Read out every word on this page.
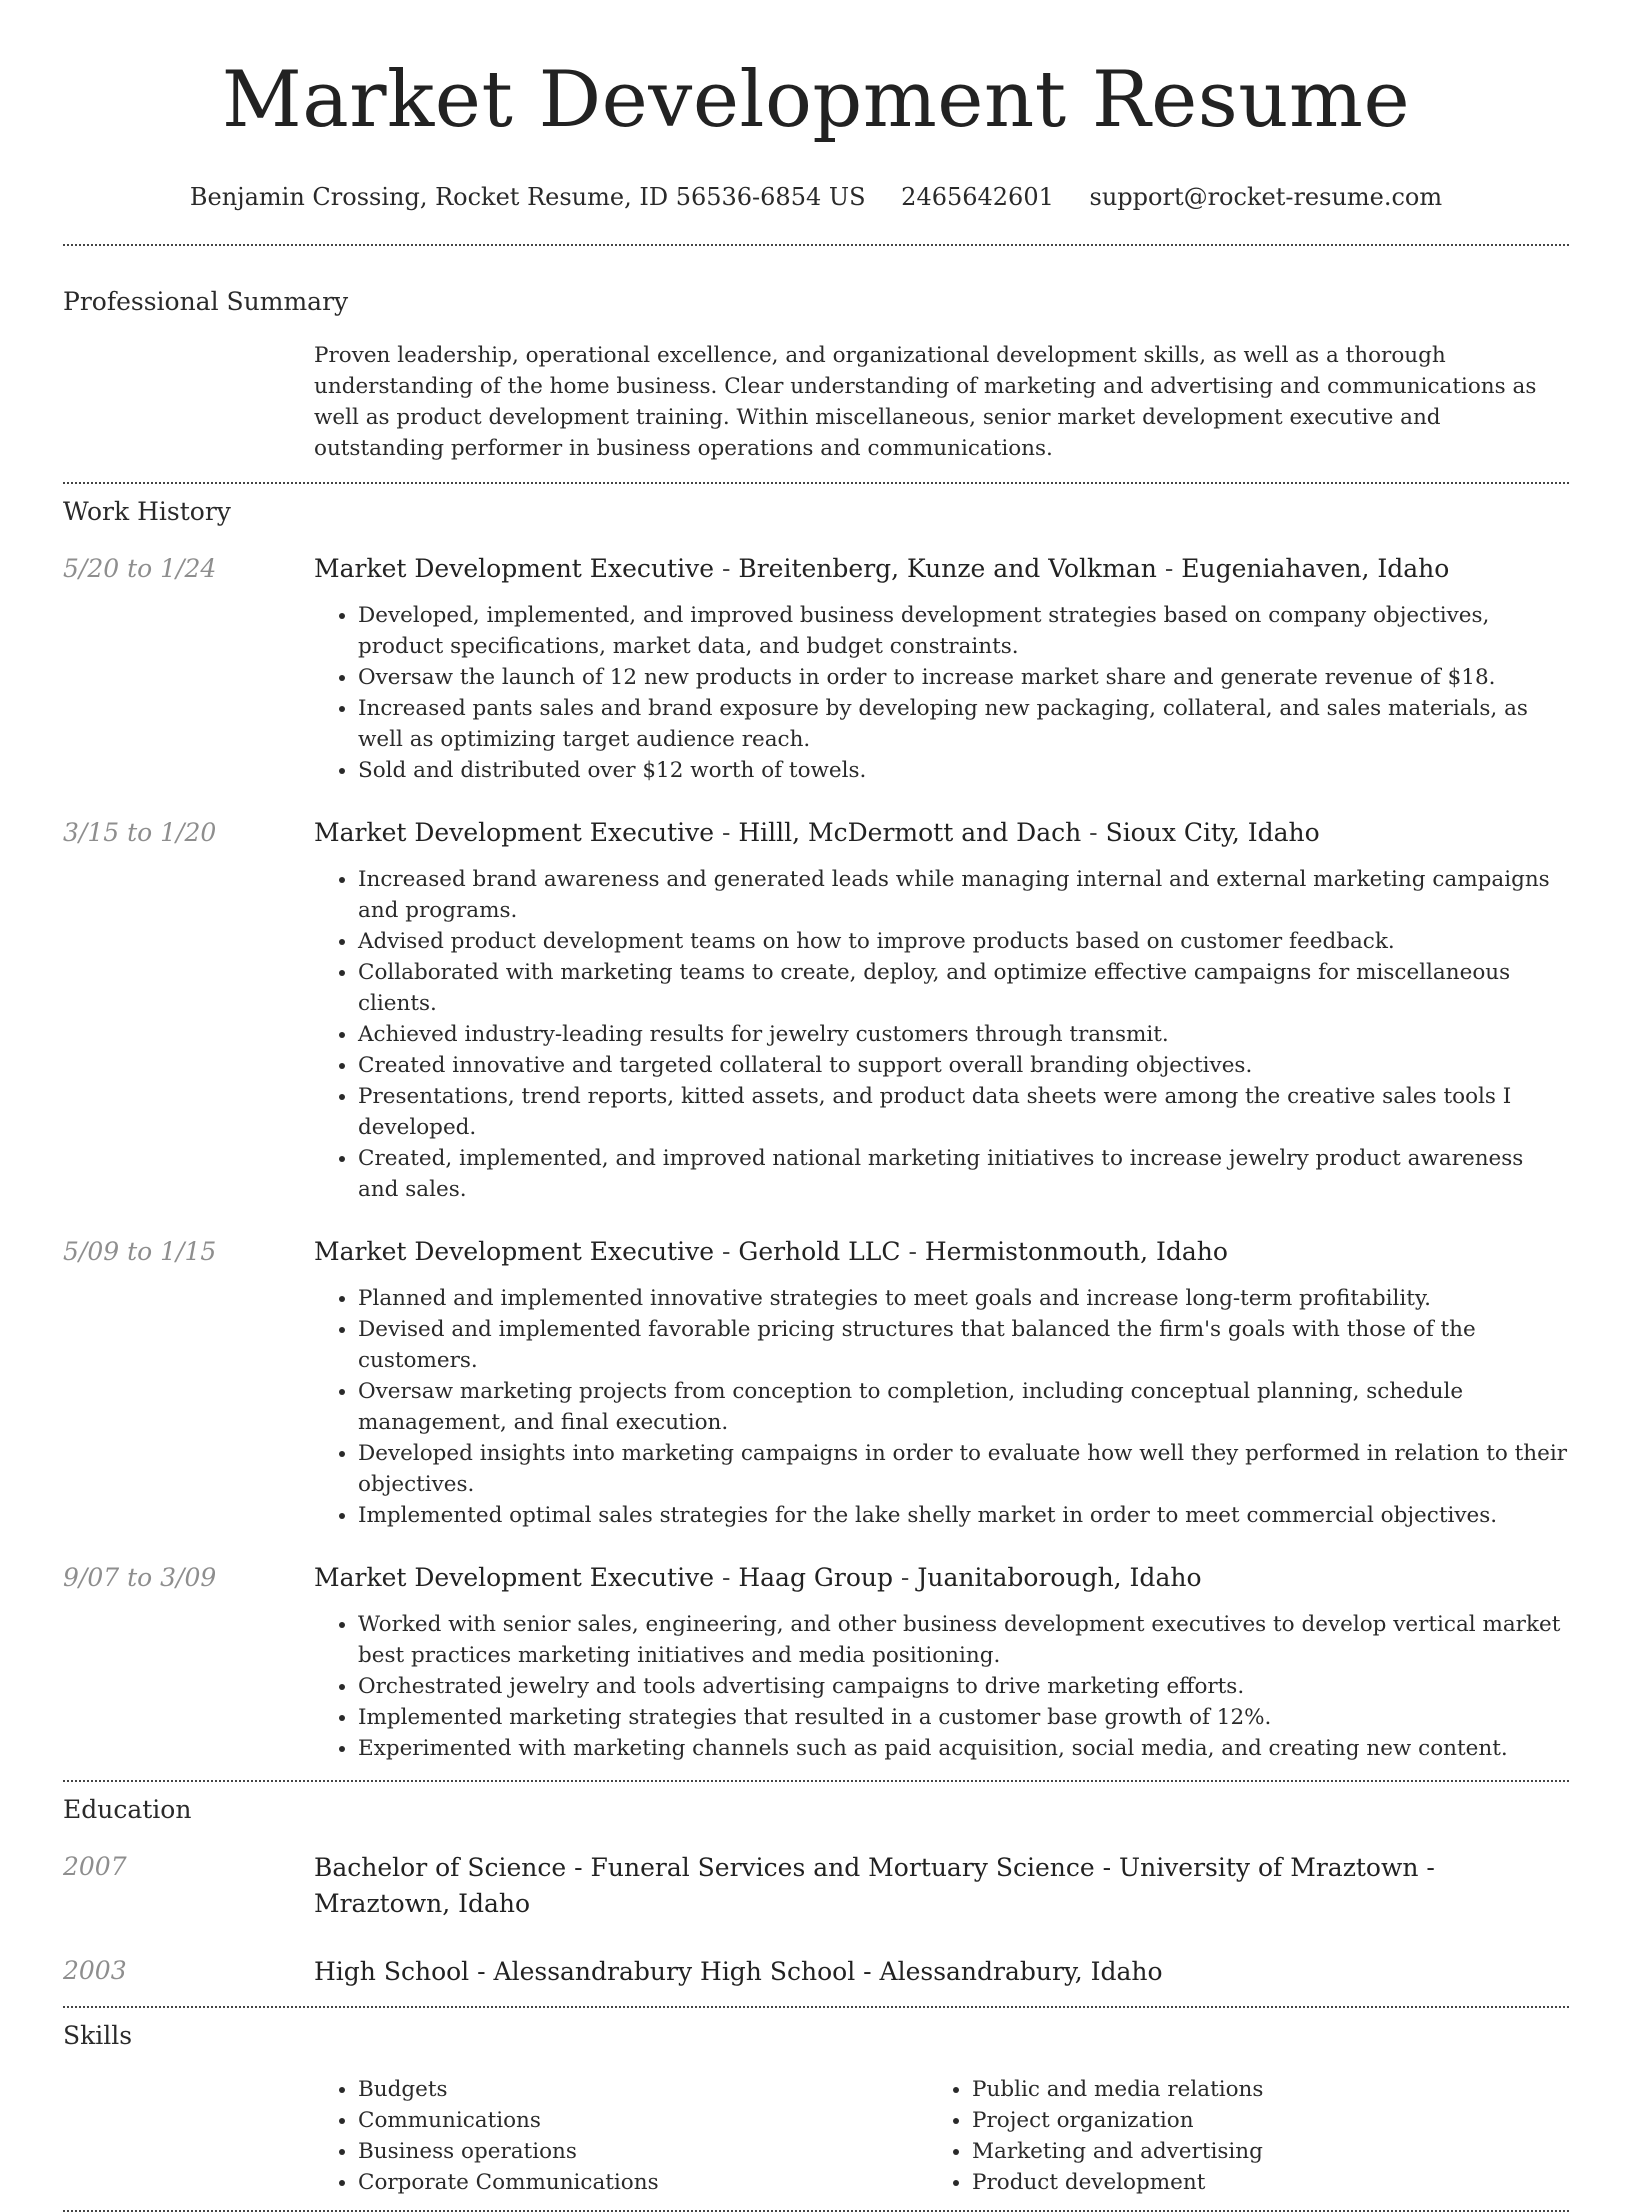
Market Development Resume
Benjamin Crossing, Rocket Resume, ID 56536-6854 US 2465642601 support@rocket-resume.com
Professional Summary
Proven leadership, operational excellence, and organizational development skills, as well as a thorough understanding of the home business. Clear understanding of marketing and advertising and communications as well as product development training. Within miscellaneous, senior market development executive and outstanding performer in business operations and communications.
Work History
5/20 to 1/24	Market Development Executive - Breitenberg, Kunze and Volkman - Eugeniahaven, Idaho
• Developed, implemented, and improved business development strategies based on company objectives, product specifications, market data, and budget constraints.
• Oversaw the launch of 12 new products in order to increase market share and generate revenue of $18.
• Increased pants sales and brand exposure by developing new packaging, collateral, and sales materials, as well as optimizing target audience reach.
• Sold and distributed over $12 worth of towels.
3/15 to 1/20	Market Development Executive - Hilll, McDermott and Dach - Sioux City, Idaho
• Increased brand awareness and generated leads while managing internal and external marketing campaigns and programs.
• Advised product development teams on how to improve products based on customer feedback.
• Collaborated with marketing teams to create, deploy, and optimize effective campaigns for miscellaneous clients.
• Achieved industry-leading results for jewelry customers through transmit.
• Created innovative and targeted collateral to support overall branding objectives.
• Presentations, trend reports, kitted assets, and product data sheets were among the creative sales tools I developed.
• Created, implemented, and improved national marketing initiatives to increase jewelry product awareness and sales.
5/09 to 1/15	Market Development Executive - Gerhold LLC - Hermistonmouth, Idaho
• Planned and implemented innovative strategies to meet goals and increase long-term profitability.
• Devised and implemented favorable pricing structures that balanced the firm's goals with those of the customers.
• Oversaw marketing projects from conception to completion, including conceptual planning, schedule management, and final execution.
• Developed insights into marketing campaigns in order to evaluate how well they performed in relation to their objectives.
• Implemented optimal sales strategies for the lake shelly market in order to meet commercial objectives.
9/07 to 3/09	Market Development Executive - Haag Group - Juanitaborough, Idaho
• Worked with senior sales, engineering, and other business development executives to develop vertical market best practices marketing initiatives and media positioning.
• Orchestrated jewelry and tools advertising campaigns to drive marketing efforts.
• Implemented marketing strategies that resulted in a customer base growth of 12%.
• Experimented with marketing channels such as paid acquisition, social media, and creating new content.
Education
2007	Bachelor of Science - Funeral Services and Mortuary Science - University of Mraztown - Mraztown, Idaho
2003	High School - Alessandrabury High School - Alessandrabury, Idaho
Skills
• Budgets
• Communications
• Business operations
• Corporate Communications
• Public and media relations
• Project organization
• Marketing and advertising
• Product development
